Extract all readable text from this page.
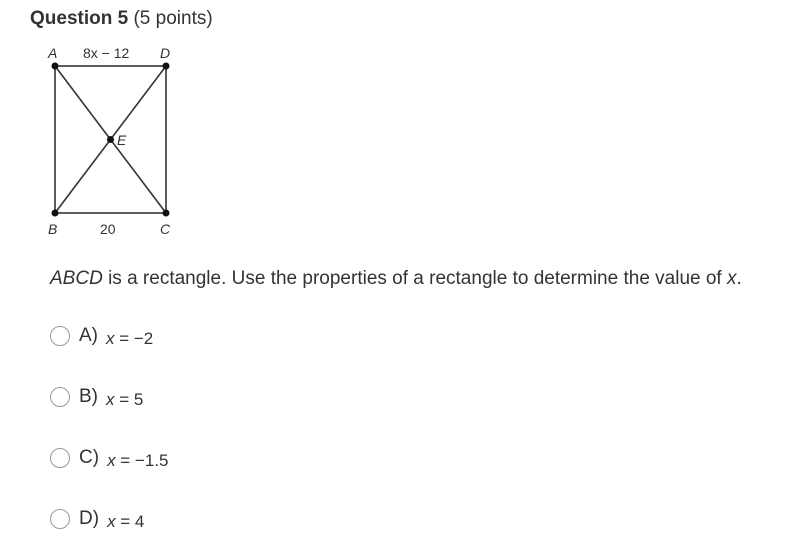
Question 5 (5 points)
A	D
B	C
E
8x − 12
20
ABCD is a rectangle. Use the properties of a rectangle to determine the value of x.
A) x = −2
B) x = 5
C) x = −1.5
D) x = 4
